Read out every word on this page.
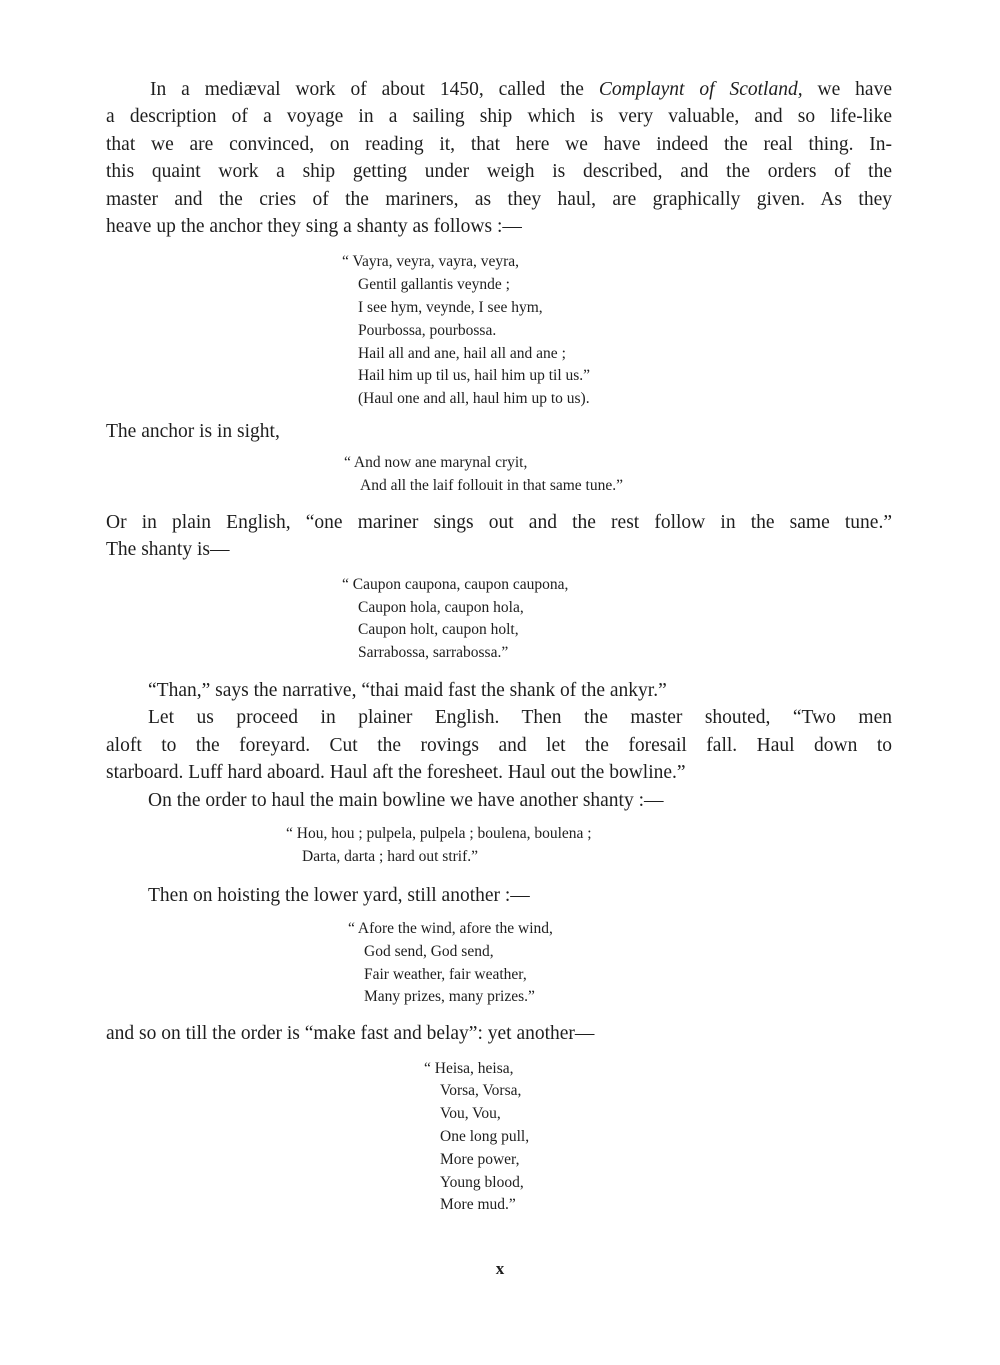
In a mediæval work of about 1450, called the Complaynt of Scotland, we have
a description of a voyage in a sailing ship which is very valuable, and so life-like
that we are convinced, on reading it, that here we have indeed the real thing. In-
this quaint work a ship getting under weigh is described, and the orders of the
master and the cries of the mariners, as they haul, are graphically given. As they
heave up the anchor they sing a shanty as follows :—
“ Vayra, veyra, vayra, veyra,
Gentil gallantis veynde ;
I see hym, veynde, I see hym,
Pourbossa, pourbossa.
Hail all and ane, hail all and ane ;
Hail him up til us, hail him up til us.”
(Haul one and all, haul him up to us).
The anchor is in sight,
“ And now ane marynal cryit,
And all the laif follouit in that same tune.”
Or in plain English, “one mariner sings out and the rest follow in the same tune.”
The shanty is—
“ Caupon caupona, caupon caupona,
Caupon hola, caupon hola,
Caupon holt, caupon holt,
Sarrabossa, sarrabossa.”
“Than,” says the narrative, “thai maid fast the shank of the ankyr.”
Let us proceed in plainer English. Then the master shouted, “Two men
aloft to the foreyard. Cut the rovings and let the foresail fall. Haul down to
starboard. Luff hard aboard. Haul aft the foresheet. Haul out the bowline.”
On the order to haul the main bowline we have another shanty :—
“ Hou, hou ; pulpela, pulpela ; boulena, boulena ;
Darta, darta ; hard out strif.”
Then on hoisting the lower yard, still another :—
“ Afore the wind, afore the wind,
God send, God send,
Fair weather, fair weather,
Many prizes, many prizes.”
and so on till the order is “make fast and belay”: yet another—
“ Heisa, heisa,
Vorsa, Vorsa,
Vou, Vou,
One long pull,
More power,
Young blood,
More mud.”
x
